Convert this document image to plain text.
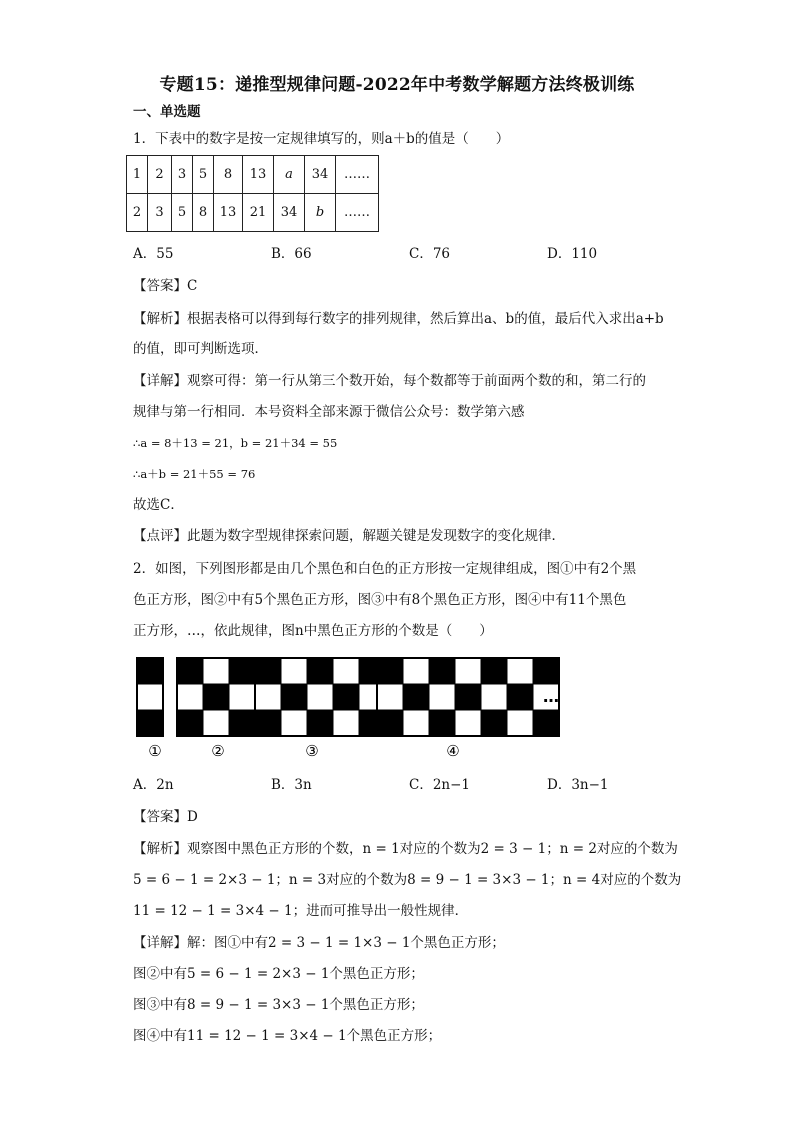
专题15：递推型规律问题-2022年中考数学解题方法终极训练
一、单选题
1．下表中的数字是按一定规律填写的，则a＋b的值是（　　）
1	2	3	5	8	13	a	34	……
2	3	5	8	13	21	34	b	……
A．55	B．66	C．76	D．110
【答案】C
【解析】根据表格可以得到每行数字的排列规律，然后算出a、b的值，最后代入求出a+b
的值，即可判断选项．
【详解】观察可得：第一行从第三个数开始，每个数都等于前面两个数的和，第二行的
规律与第一行相同．本号资料全部来源于微信公众号：数学第六感
∴a = 8＋13 = 21，b = 21＋34 = 55
∴a＋b = 21＋55 = 76
故选C．
【点评】此题为数字型规律探索问题，解题关键是发现数字的变化规律．
2．如图，下列图形都是由几个黑色和白色的正方形按一定规律组成，图①中有2个黑
色正方形，图②中有5个黑色正方形，图③中有8个黑色正方形，图④中有11个黑色
正方形，…，依此规律，图n中黑色正方形的个数是（　　）
①	②	③	④
…
A．2n	B．3n	C．2n−1	D．3n−1
【答案】D
【解析】观察图中黑色正方形的个数，n = 1对应的个数为2 = 3 − 1；n = 2对应的个数为
5 = 6 − 1 = 2×3 − 1；n = 3对应的个数为8 = 9 − 1 = 3×3 − 1；n = 4对应的个数为
11 = 12 − 1 = 3×4 − 1；进而可推导出一般性规律．
【详解】解：图①中有2 = 3 − 1 = 1×3 − 1个黑色正方形；
图②中有5 = 6 − 1 = 2×3 − 1个黑色正方形；
图③中有8 = 9 − 1 = 3×3 − 1个黑色正方形；
图④中有11 = 12 − 1 = 3×4 − 1个黑色正方形；
